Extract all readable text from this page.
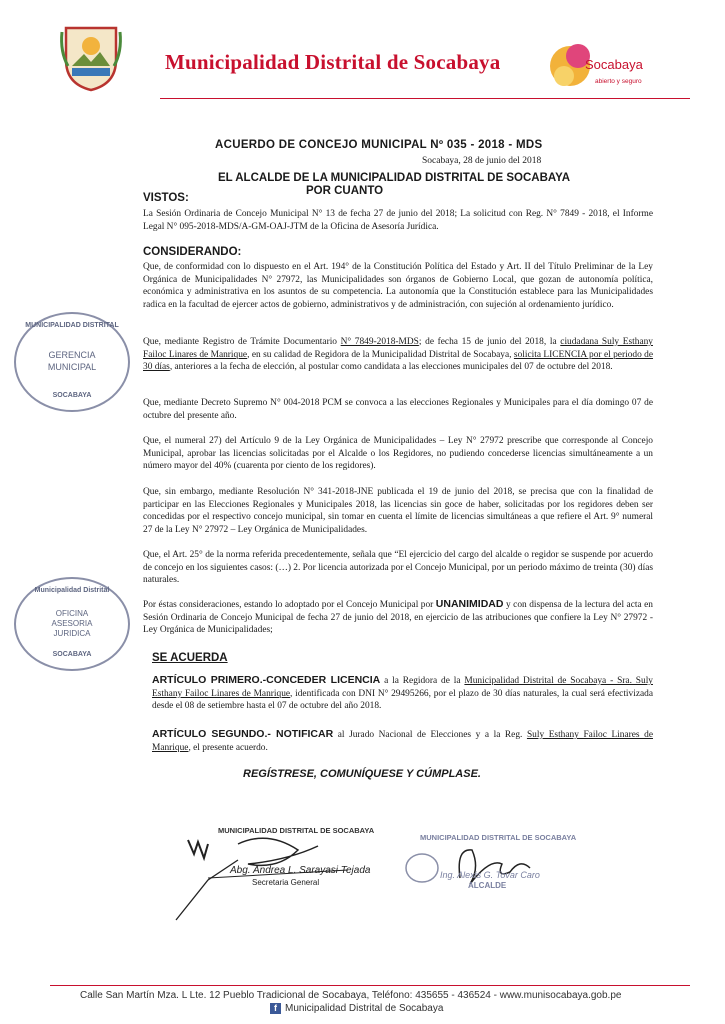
Municipalidad Distrital de Socabaya	Socabaya
abierto y seguro
ACUERDO DE CONCEJO MUNICIPAL Nº 035 - 2018 - MDS
Socabaya, 28 de junio del 2018
EL ALCALDE DE LA MUNICIPALIDAD DISTRITAL DE SOCABAYA
POR CUANTO
VISTOS:
La Sesión Ordinaria de Concejo Municipal N° 13 de fecha 27 de junio del 2018; La solicitud con Reg. N° 7849 - 2018, el Informe Legal N° 095-2018-MDS/A-GM-OAJ-JTM de la Oficina de Asesoría Jurídica.
CONSIDERANDO:
Que, de conformidad con lo dispuesto en el Art. 194° de la Constitución Política del Estado y Art. II del Título Preliminar de la Ley Orgánica de Municipalidades N° 27972, las Municipalidades son órganos de Gobierno Local, que gozan de autonomía política, económica y administrativa en los asuntos de su competencia. La autonomía que la Constitución establece para las Municipalidades radica en la facultad de ejercer actos de gobierno, administrativos y de administración, con sujeción al ordenamiento jurídico.
Que, mediante Registro de Trámite Documentario N° 7849-2018-MDS; de fecha 15 de junio del 2018, la ciudadana Suly Esthany Failoc Linares de Manrique, en su calidad de Regidora de la Municipalidad Distrital de Socabaya, solicita LICENCIA por el periodo de 30 días, anteriores a la fecha de elección, al postular como candidata a las elecciones municipales del 07 de octubre del 2018.
Que, mediante Decreto Supremo N° 004-2018 PCM se convoca a las elecciones Regionales y Municipales para el día domingo 07 de octubre del presente año.
Que, el numeral 27) del Artículo 9 de la Ley Orgánica de Municipalidades – Ley N° 27972 prescribe que corresponde al Concejo Municipal, aprobar las licencias solicitadas por el Alcalde o los Regidores, no pudiendo concederse licencias simultáneamente a un número mayor del 40% (cuarenta por ciento de los regidores).
Que, sin embargo, mediante Resolución N° 341-2018-JNE publicada el 19 de junio del 2018, se precisa que con la finalidad de participar en las Elecciones Regionales y Municipales 2018, las licencias sin goce de haber, solicitadas por los regidores deben ser concedidas por el respectivo concejo municipal, sin tomar en cuenta el límite de licencias simultáneas a que refiere el Art. 9° numeral 27 de la Ley N° 27972 – Ley Orgánica de Municipalidades.
Que, el Art. 25° de la norma referida precedentemente, señala que “El ejercicio del cargo del alcalde o regidor se suspende por acuerdo de concejo en los siguientes casos: (…) 2. Por licencia autorizada por el Concejo Municipal, por un periodo máximo de treinta (30) días naturales.
Por éstas consideraciones, estando lo adoptado por el Concejo Municipal por UNANIMIDAD y con dispensa de la lectura del acta en Sesión Ordinaria de Concejo Municipal de fecha 27 de junio del 2018, en ejercicio de las atribuciones que confiere la Ley N° 27972 - Ley Orgánica de Municipalidades;
SE ACUERDA
ARTÍCULO PRIMERO.-CONCEDER LICENCIA a la Regidora de la Municipalidad Distrital de Socabaya - Sra. Suly Esthany Failoc Linares de Manrique, identificada con DNI N° 29495266, por el plazo de 30 días naturales, la cual será efectivizada desde el 08 de setiembre hasta el 07 de octubre del año 2018.
ARTÍCULO SEGUNDO.- NOTIFICAR al Jurado Nacional de Elecciones y a la Reg. Suly Esthany Failoc Linares de Manrique, el presente acuerdo.
REGÍSTRESE, COMUNÍQUESE Y CÚMPLASE.
MUNICIPALIDAD DISTRITAL
GERENCIA
MUNICIPAL
SOCABAYA
Municipalidad Distrital
OFICINA
ASESORIA
JURIDICA
SOCABAYA
MUNICIPALIDAD DISTRITAL DE SOCABAYA
Abg. Andrea L. Sarayasi Tejada
Secretaria General
MUNICIPALIDAD DISTRITAL DE SOCABAYA
Ing. Alexis G. Tovar Caro
ALCALDE
Calle San Martín Mza. L Lte. 12 Pueblo Tradicional de Socabaya, Teléfono: 435655 - 436524 - www.munisocabaya.gob.pe
f Municipalidad Distrital de Socabaya
